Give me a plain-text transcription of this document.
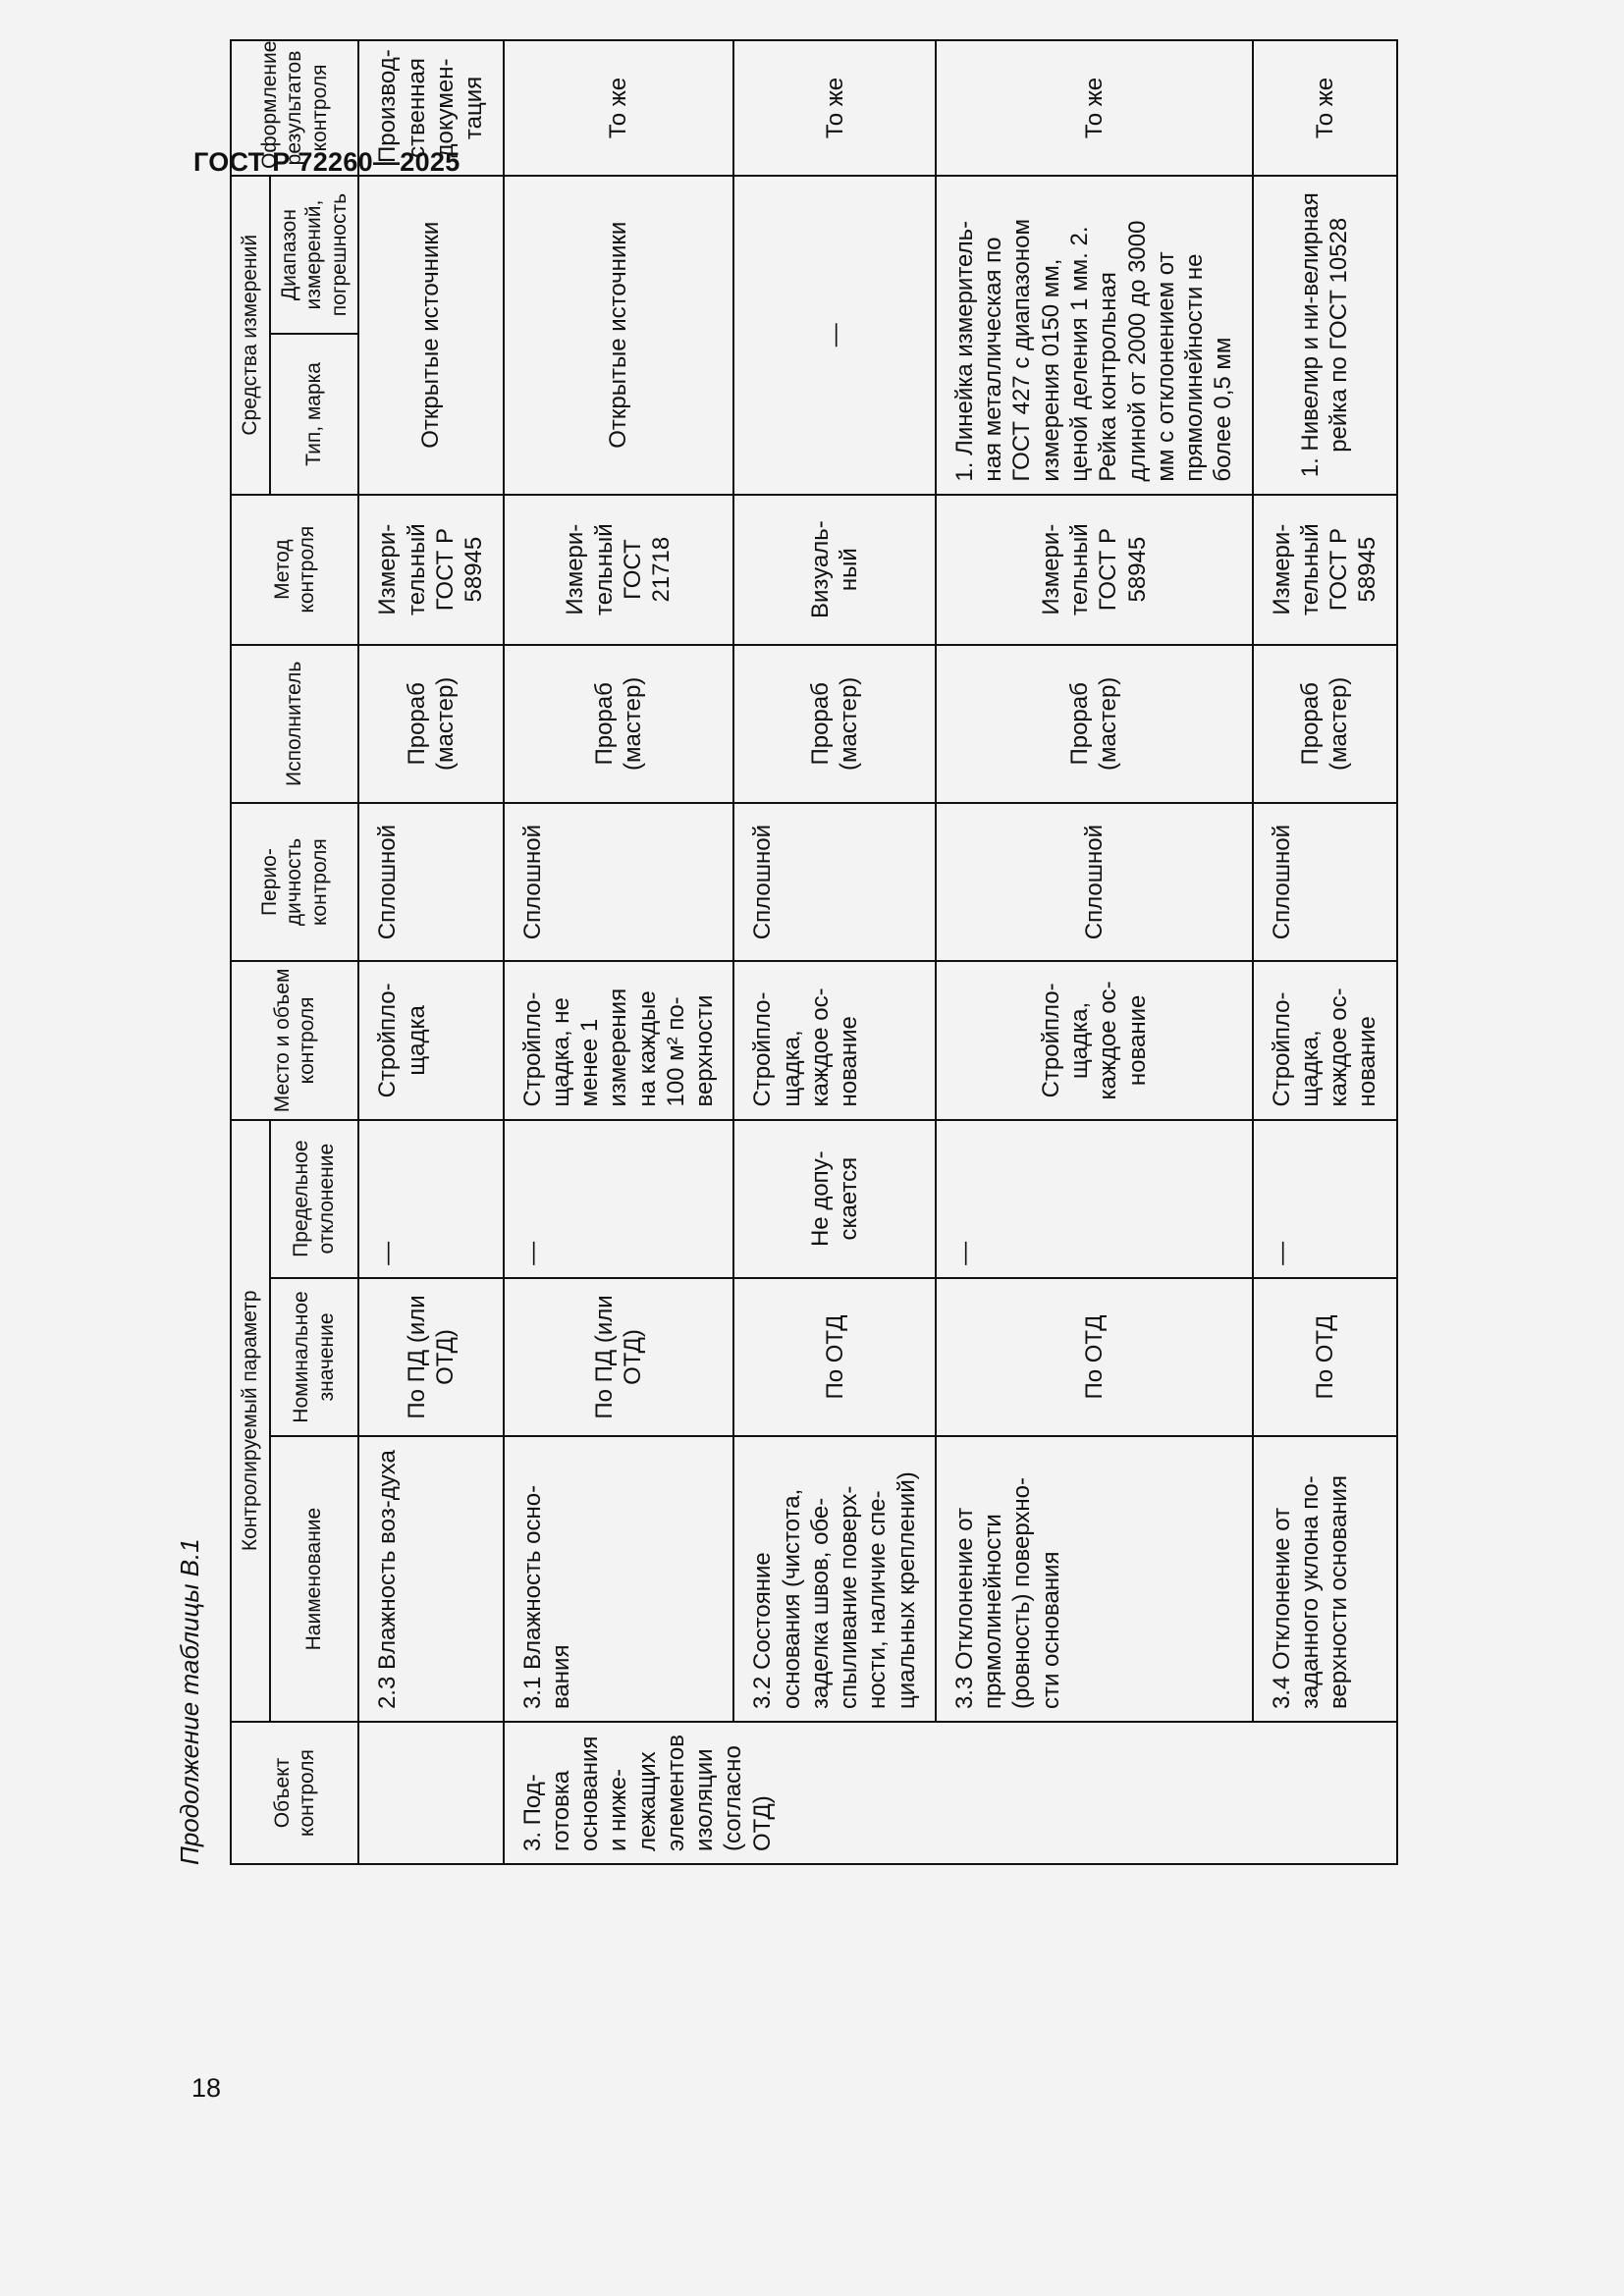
ГОСТ Р 72260—2025
Продолжение таблицы В.1	Объект контроля	Контролируемый параметр			Место и объем контроля	Перио-дичность контроля	Исполнитель	Метод контроля	Средства измерений		Оформление результатов контроля
	Наименование	Номинальное значение	Предельное отклонение					Тип, марка	Диапазон измерений, погрешность	
	2.3 Влажность воз-духа	По ПД (или ОТД)	—	Стройпло-щадка	Сплошной	Прораб (мастер)	Измери-тельный ГОСТ Р 58945	Открытые источники		Производ-ственная докумен-тация
3. Под-готовка основания и ниже-лежащих элементов изоляции (согласно ОТД)	3.1 Влажность осно-вания	По ПД (или ОТД)	—	Стройпло-щадка, не менее 1 измерения на каждые 100 м² по-верхности	Сплошной	Прораб (мастер)	Измери-тельный ГОСТ 21718	Открытые источники		То же
	3.2 Состояние основания (чистота, заделка швов, обе-спыливание поверх-ности, наличие спе-циальных креплений)	По ОТД	Не допу-скается	Стройпло-щадка, каждое ос-нование	Сплошной	Прораб (мастер)	Визуаль-ный	—		То же
	3.3 Отклонение от прямолинейности (ровность) поверхно-сти основания	По ОТД	—	Стройпло-щадка, каждое ос-нование	Сплошной	Прораб (мастер)	Измери-тельный ГОСТ Р 58945	1. Линейка измеритель-ная металлическая по ГОСТ 427 с диапазоном измерения 0150 мм, ценой деления 1 мм. 2. Рейка контрольная длиной от 2000 до 3000 мм с отклонением от прямолинейности не более 0,5 мм		То же
	3.4 Отклонение от заданного уклона по-верхности основания	По ОТД	—	Стройпло-щадка, каждое ос-нование	Сплошной	Прораб (мастер)	Измери-тельный ГОСТ Р 58945	1. Нивелир и ни-велирная рейка по ГОСТ 10528		То же
18
